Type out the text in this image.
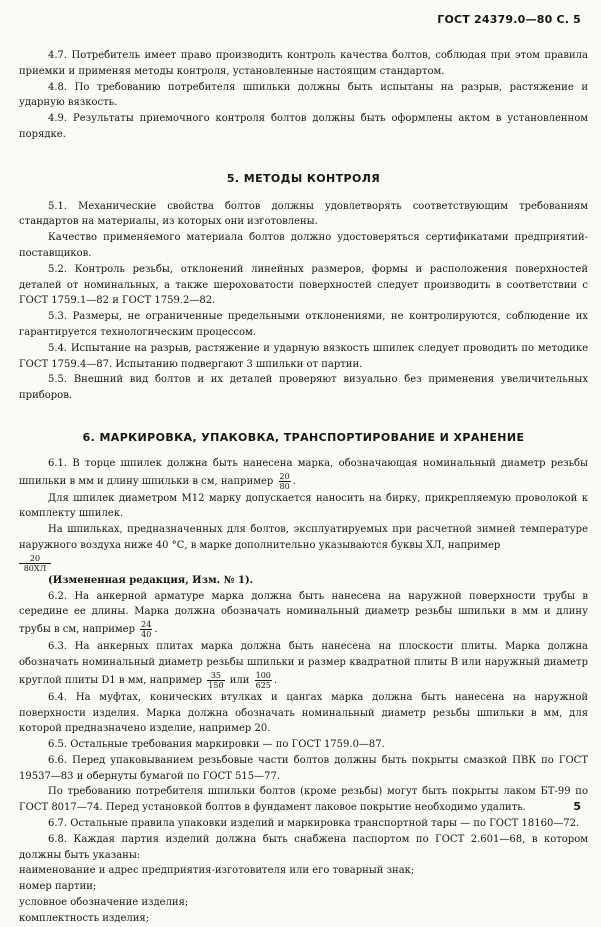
ГОСТ 24379.0—80 С. 5

4.7. Потребитель имеет право производить контроль качества болтов, соблюдая при этом правила приемки и применяя методы контроля, установленные настоящим стандартом.

4.8. По требованию потребителя шпильки должны быть испытаны на разрыв, растяжение и ударную вязкость.

4.9. Результаты приемочного контроля болтов должны быть оформлены актом в установленном порядке.

5. МЕТОДЫ КОНТРОЛЯ

5.1. Механические свойства болтов должны удовлетворять соответствующим требованиям стандартов на материалы, из которых они изготовлены.

Качество применяемого материала болтов должно удостоверяться сертификатами предприятий-поставщиков.

5.2. Контроль резьбы, отклонений линейных размеров, формы и расположения поверхностей деталей от номинальных, а также шероховатости поверхностей следует производить в соответствии с ГОСТ 1759.1—82 и ГОСТ 1759.2—82.

5.3. Размеры, не ограниченные предельными отклонениями, не контролируются, соблюдение их гарантируется технологическим процессом.

5.4. Испытание на разрыв, растяжение и ударную вязкость шпилек следует проводить по методике ГОСТ 1759.4—87. Испытанию подвергают 3 шпильки от партии.

5.5. Внешний вид болтов и их деталей проверяют визуально без применения увеличительных приборов.

6. МАРКИРОВКА, УПАКОВКА, ТРАНСПОРТИРОВАНИЕ И ХРАНЕНИЕ

6.1. В торце шпилек должна быть нанесена марка, обозначающая номинальный диаметр резьбы шпильки в мм и длину шпильки в см, например $\frac{20}{80}$ .

Для шпилек диаметром М12 марку допускается наносить на бирку, прикрепляемую проволокой к комплекту шпилек.

На шпильках, предназначенных для болтов, эксплуатируемых при расчетной зимней температуре наружного воздуха ниже 40 °С, в марке дополнительно указываются буквы ХЛ, например

20
80ХЛ

(Измененная редакция, Изм. № 1).

6.2. На анкерной арматуре марка должна быть нанесена на наружной поверхности трубы в середине ее длины. Марка должна обозначать номинальный диаметр резьбы шпильки в мм и длину трубы в см, например $\frac{24}{40}$ .

6.3. На анкерных плитах марка должна быть нанесена на плоскости плиты. Марка должна обозначать номинальный диаметр резьбы шпильки и размер квадратной плиты B или наружный диаметр круглой плиты D1 в мм, например $\frac{35}{150}$ или $\frac{100}{625}$ .

6.4. На муфтах, конических втулках и цангах марка должна быть нанесена на наружной поверхности изделия. Марка должна обозначать номинальный диаметр резьбы шпильки в мм, для которой предназначено изделие, например 20.

6.5. Остальные требования маркировки — по ГОСТ 1759.0—87.

6.6. Перед упаковыванием резьбовые части болтов должны быть покрыты смазкой ПВК по ГОСТ 19537—83 и обернуты бумагой по ГОСТ 515—77.

По требованию потребителя шпильки болтов (кроме резьбы) могут быть покрыты лаком БТ-99 по ГОСТ 8017—74. Перед установкой болтов в фундамент лаковое покрытие необходимо удалить.

6.7. Остальные правила упаковки изделий и маркировка транспортной тары — по ГОСТ 18160—72.

6.8. Каждая партия изделий должна быть снабжена паспортом по ГОСТ 2.601—68, в котором должны быть указаны:

наименование и адрес предприятия-изготовителя или его товарный знак;

номер партии;

условное обозначение изделия;

комплектность изделия;

5
